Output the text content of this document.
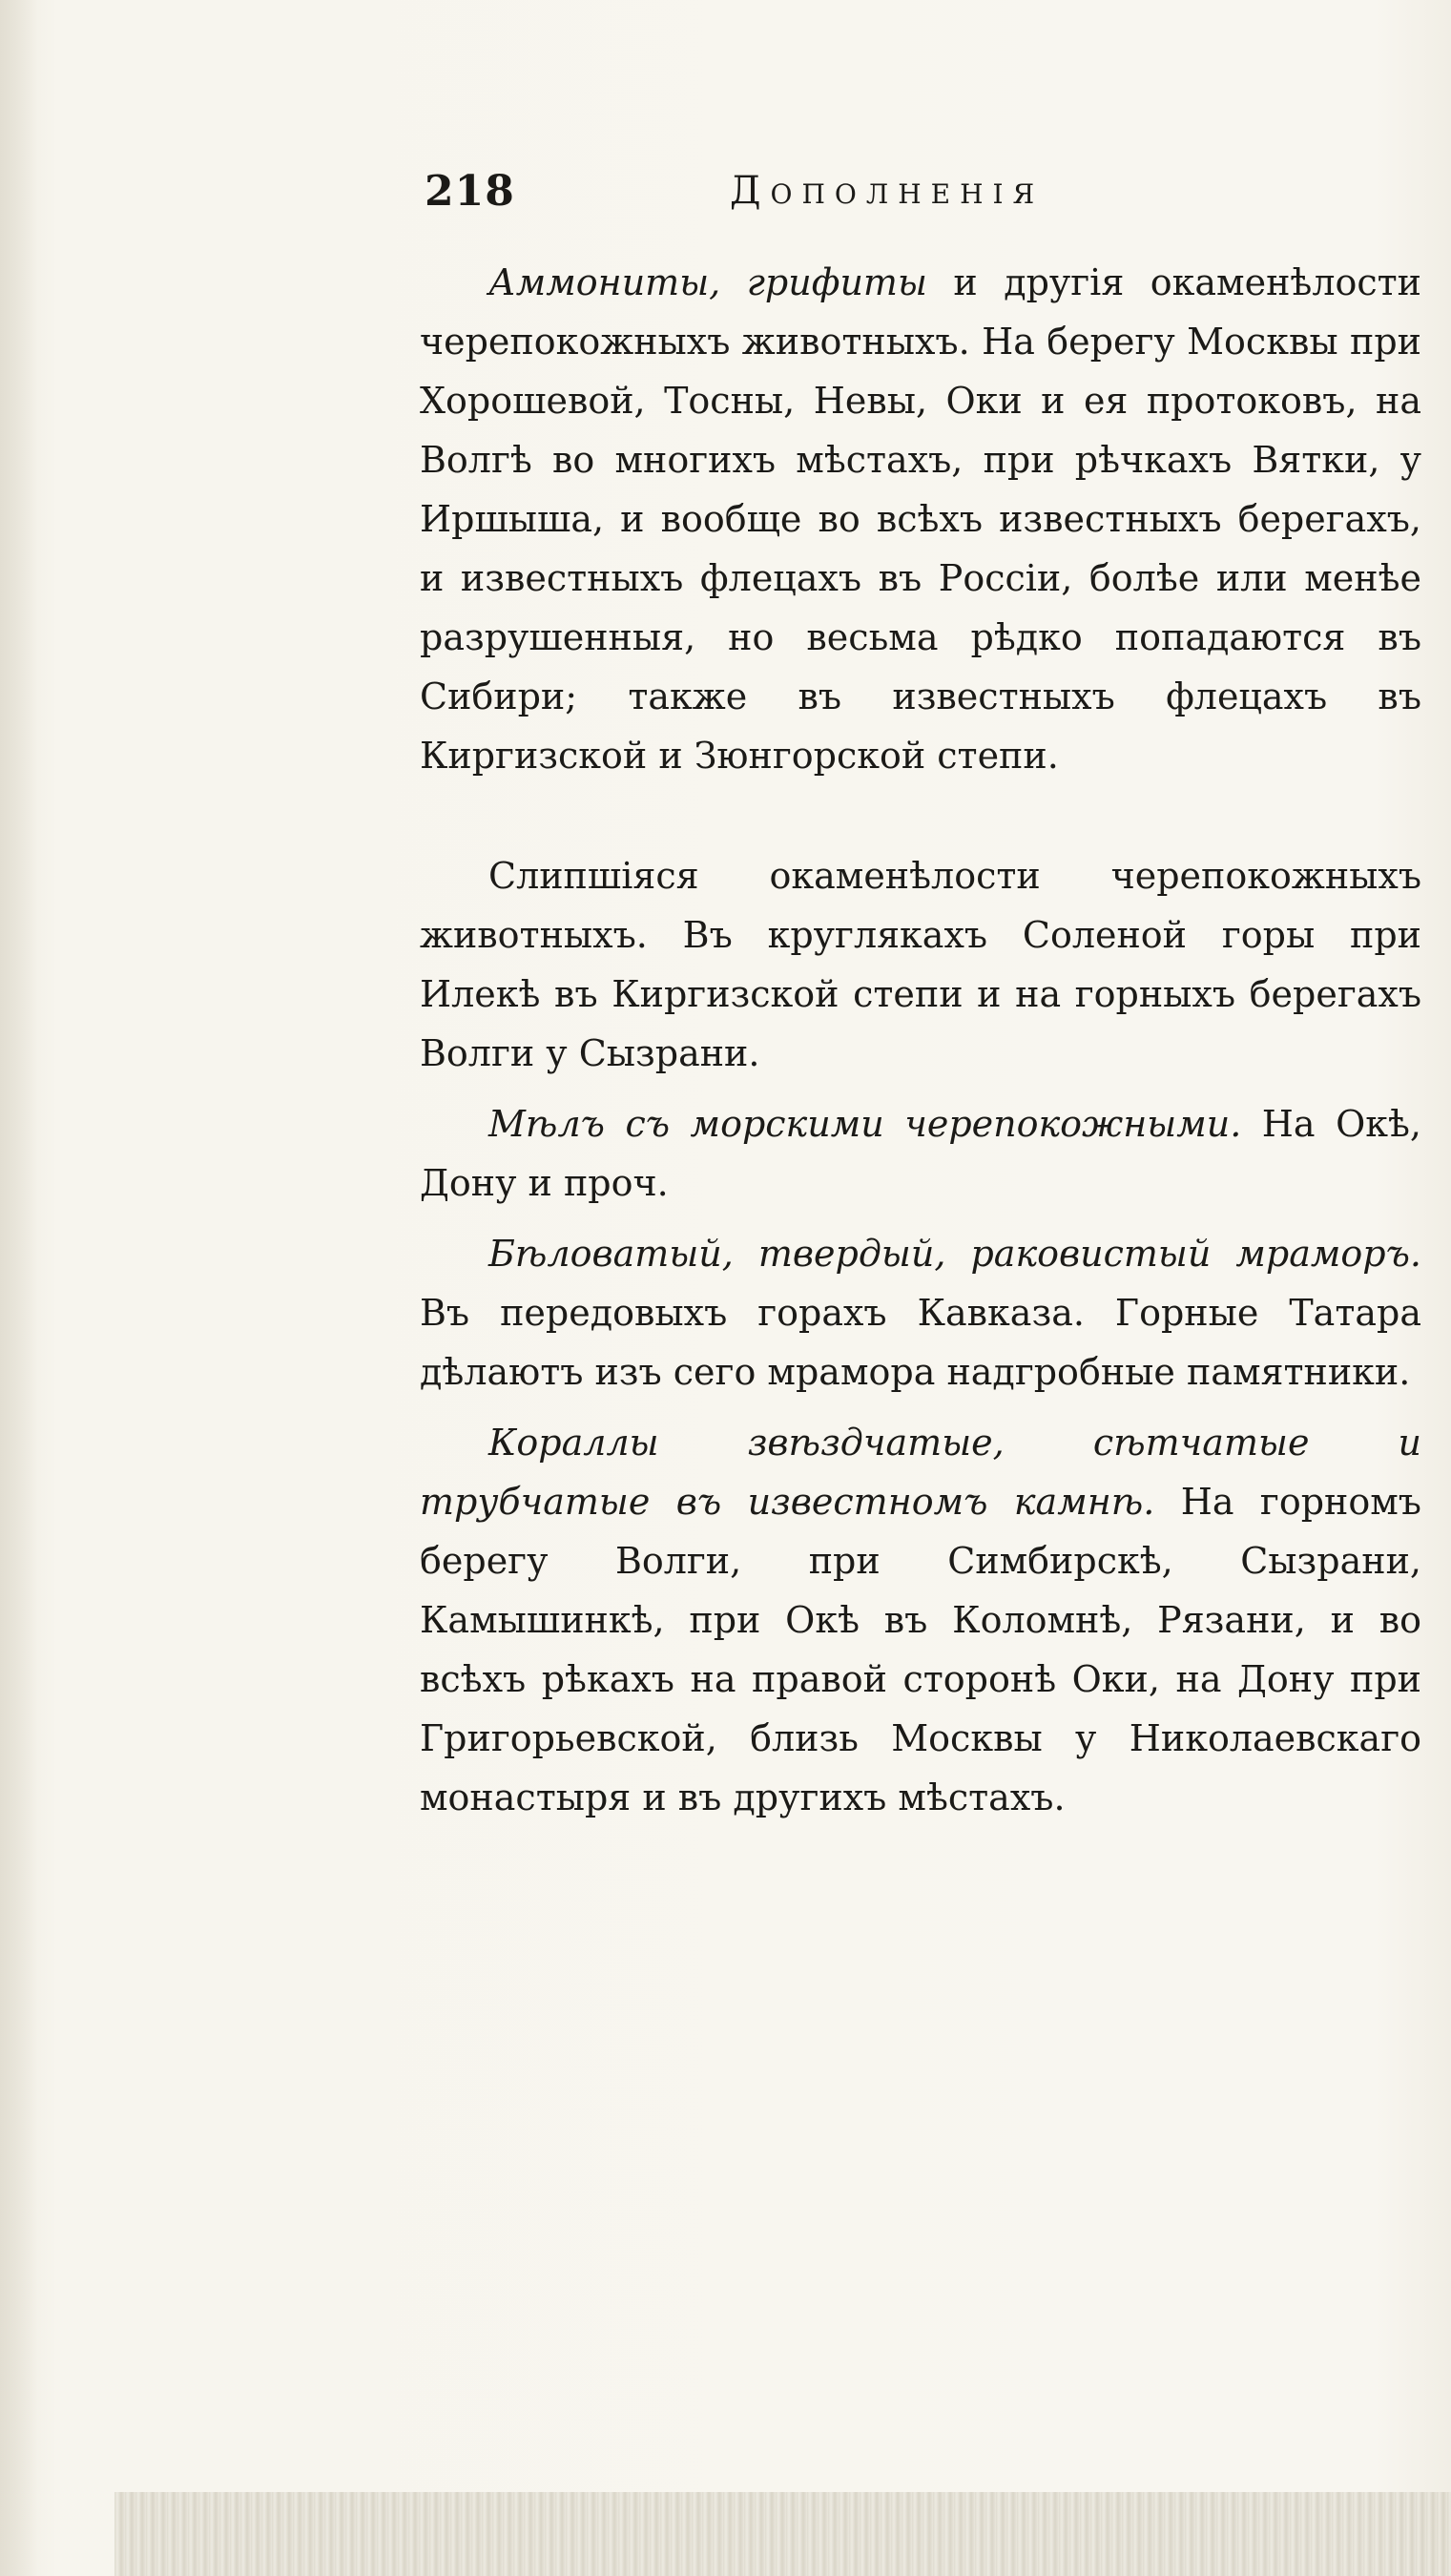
218	Дополненія

Аммониты, грифиты и другія окаменѣлости черепокожныхъ животныхъ. На берегу Москвы при Хорошевой, Тосны, Невы, Оки и ея протоковъ, на Волгѣ во многихъ мѣстахъ, при рѣчкахъ Вятки, у Иршыша, и вообще во всѣхъ известныхъ берегахъ, и известныхъ флецахъ въ Россіи, болѣе или менѣе разрушенныя, но весьма рѣдко попадаются въ Сибири; также въ известныхъ флецахъ въ Киргизской и Зюнгорской степи.

Слипшіяся окаменѣлости черепокожныхъ животныхъ. Въ круглякахъ Соленой горы при Илекѣ въ Киргизской степи и на горныхъ берегахъ Волги у Сызрани.

Мѣлъ съ морскими черепокожными. На Окѣ, Дону и проч.

Бѣловатый, твердый, раковистый мраморъ. Въ передовыхъ горахъ Кавказа. Горные Татара дѣлаютъ изъ сего мрамора надгробные памятники.

Кораллы звѣздчатые, сѣтчатые и трубчатые въ известномъ камнѣ. На горномъ берегу Волги, при Симбирскѣ, Сызрани, Камышинкѣ, при Окѣ въ Коломнѣ, Рязани, и во всѣхъ рѣкахъ на правой сторонѣ Оки, на Дону при Григорьевской, близь Москвы у Николаевскаго монастыря и въ другихъ мѣстахъ.
